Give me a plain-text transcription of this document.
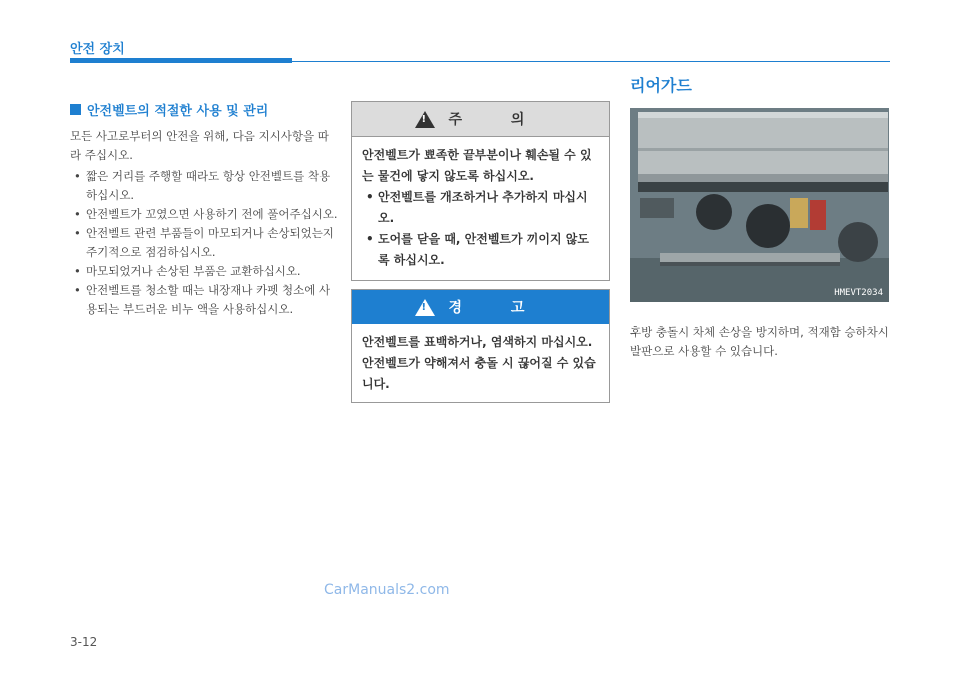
안전 장치
안전벨트의 적절한 사용 및 관리

모든 사고로부터의 안전을 위해, 다음 지시사항을 따라 주십시오.

• 짧은 거리를 주행할 때라도 항상 안전벨트를 착용하십시오.
• 안전벨트가 꼬였으면 사용하기 전에 풀어주십시오.
• 안전벨트 관련 부품들이 마모되거나 손상되었는지 주기적으로 점검하십시오.
• 마모되었거나 손상된 부품은 교환하십시오.
• 안전벨트를 청소할 때는 내장재나 카펫 청소에 사용되는 부드러운 비누 액을 사용하십시오.
! 주 의

안전벨트가 뾰족한 끝부분이나 훼손될 수 있는 물건에 닿지 않도록 하십시오.

• 안전벨트를 개조하거나 추가하지 마십시오.
• 도어를 닫을 때, 안전벨트가 끼이지 않도록 하십시오.
! 경 고

안전벨트를 표백하거나, 염색하지 마십시오. 안전벨트가 약해져서 충돌 시 끊어질 수 있습니다.

리어가드
HMEVT2034

후방 충돌시 차체 손상을 방지하며, 적재함 승하차시 발판으로 사용할 수 있습니다.

CarManuals2.com
3-12
